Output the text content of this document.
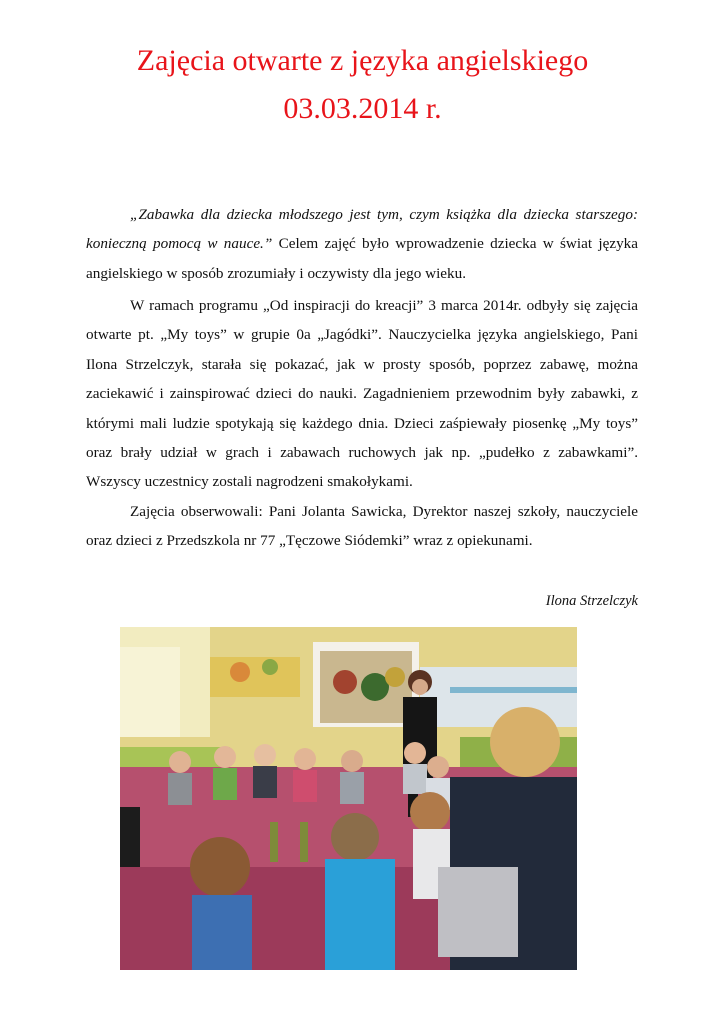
Zajęcia otwarte z języka angielskiego
03.03.2014 r.
„Zabawka dla dziecka młodszego jest tym, czym książka dla dziecka starszego: konieczną pomocą w nauce.” Celem zajęć było wprowadzenie dziecka w świat języka angielskiego w sposób zrozumiały i oczywisty dla jego wieku.
W ramach programu „Od inspiracji do kreacji” 3 marca 2014r. odbyły się zajęcia otwarte pt. „My toys” w grupie 0a „Jagódki”. Nauczycielka języka angielskiego, Pani Ilona Strzelczyk, starała się pokazać, jak w prosty sposób, poprzez zabawę, można zaciekawić i zainspirować dzieci do nauki. Zagadnieniem przewodnim były zabawki, z którymi mali ludzie spotykają się każdego dnia. Dzieci zaśpiewały piosenkę „My toys” oraz brały udział w grach i zabawach ruchowych jak np. „pudełko z zabawkami”. Wszyscy uczestnicy zostali nagrodzeni smakołykami.
Zajęcia obserwowali: Pani Jolanta Sawicka, Dyrektor naszej szkoły, nauczyciele oraz dzieci z Przedszkola nr 77 „Tęczowe Siódemki” wraz z opiekunami.
Ilona Strzelczyk
